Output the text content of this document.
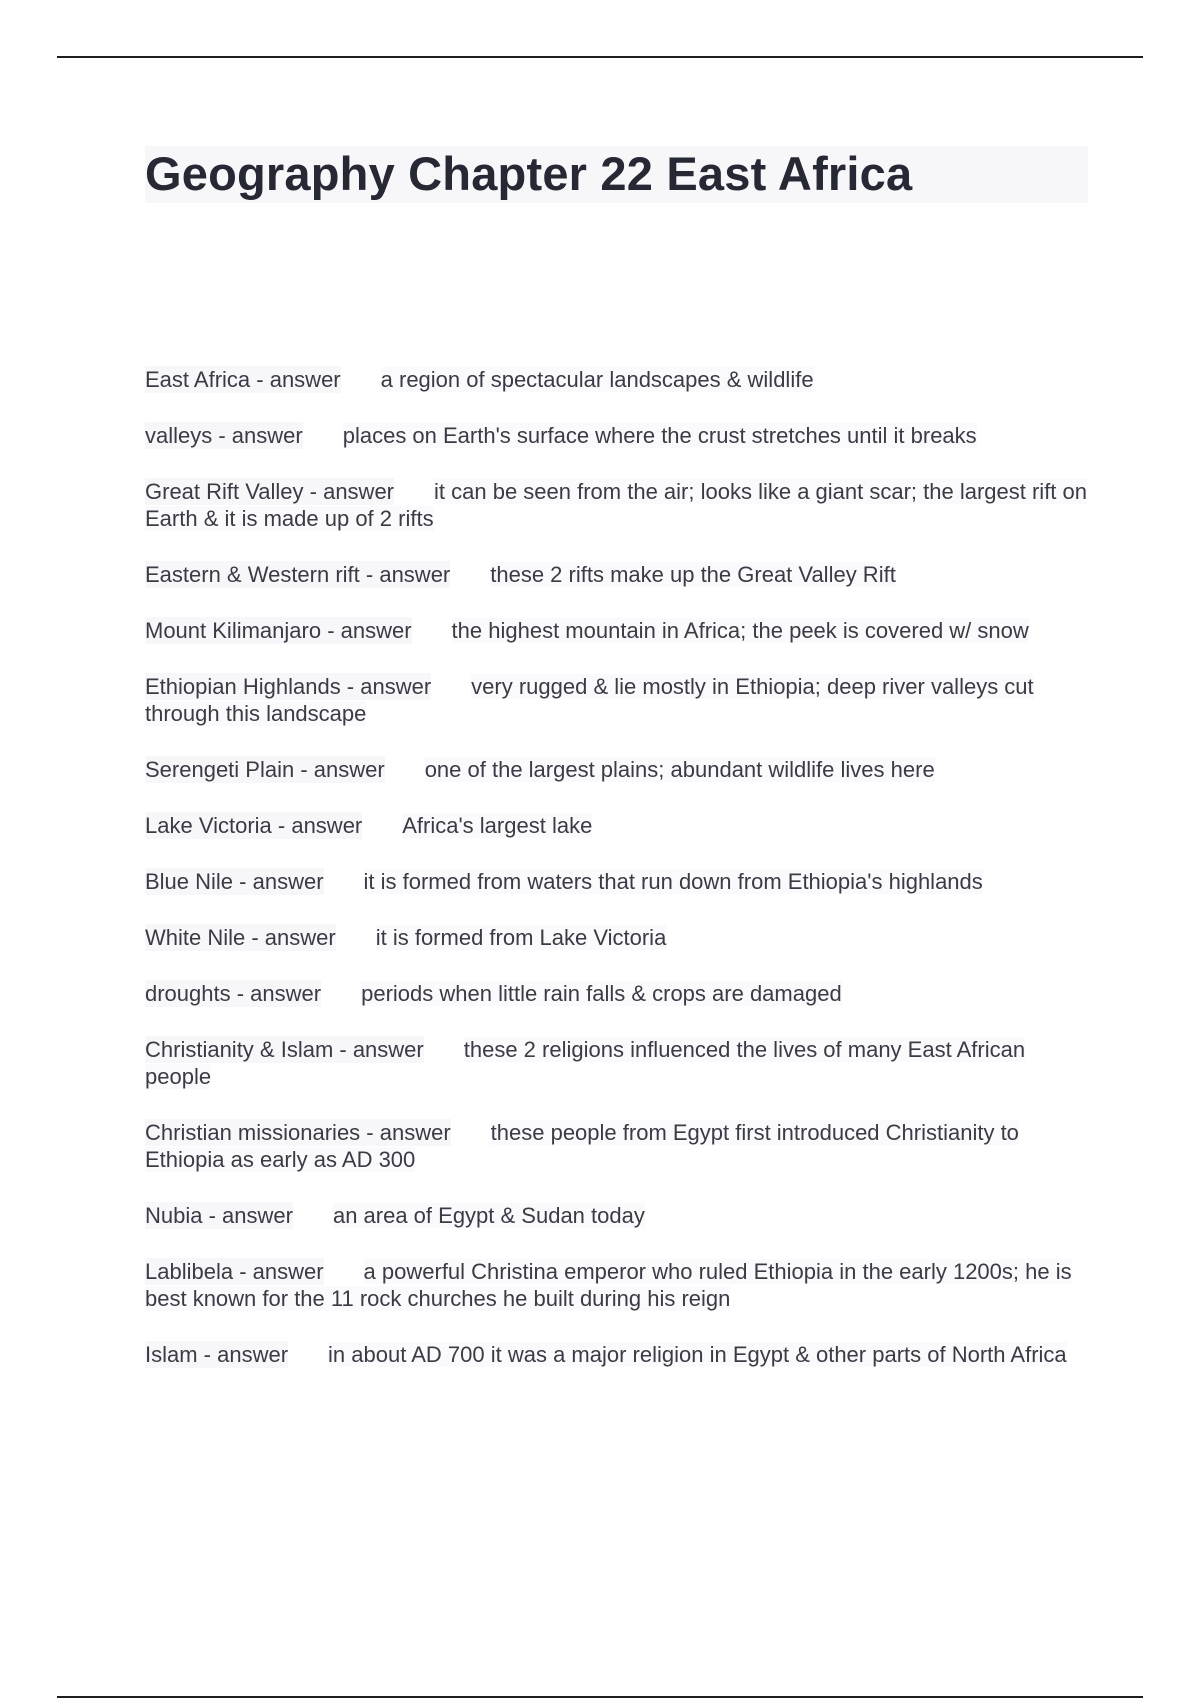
Geography Chapter 22 East Africa

East Africa - answer a region of spectacular landscapes & wildlife

valleys - answer places on Earth's surface where the crust stretches until it breaks

Great Rift Valley - answer it can be seen from the air; looks like a giant scar; the largest rift on Earth & it is made up of 2 rifts

Eastern & Western rift - answer these 2 rifts make up the Great Valley Rift

Mount Kilimanjaro - answer the highest mountain in Africa; the peek is covered w/ snow

Ethiopian Highlands - answer very rugged & lie mostly in Ethiopia; deep river valleys cut through this landscape

Serengeti Plain - answer one of the largest plains; abundant wildlife lives here

Lake Victoria - answer Africa's largest lake

Blue Nile - answer it is formed from waters that run down from Ethiopia's highlands

White Nile - answer it is formed from Lake Victoria

droughts - answer periods when little rain falls & crops are damaged

Christianity & Islam - answer these 2 religions influenced the lives of many East African people

Christian missionaries - answer these people from Egypt first introduced Christianity to Ethiopia as early as AD 300

Nubia - answer an area of Egypt & Sudan today

Lablibela - answer a powerful Christina emperor who ruled Ethiopia in the early 1200s; he is best known for the 11 rock churches he built during his reign

Islam - answer in about AD 700 it was a major religion in Egypt & other parts of North Africa
